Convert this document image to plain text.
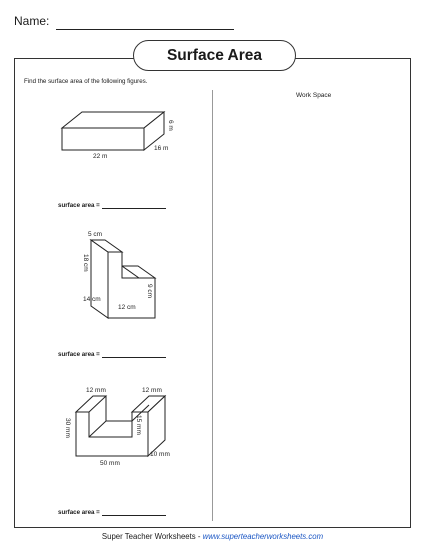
Name:
Surface Area
Find the surface area of the following figures.
Work Space
6 m
22 m
16 m
surface area =
5 cm
18 cm
9 cm
12 cm
14 cm
surface area =
12 mm	12 mm
30 mm	15 mm
10 mm
50 mm
surface area =
Super Teacher Worksheets - www.superteacherworksheets.com
